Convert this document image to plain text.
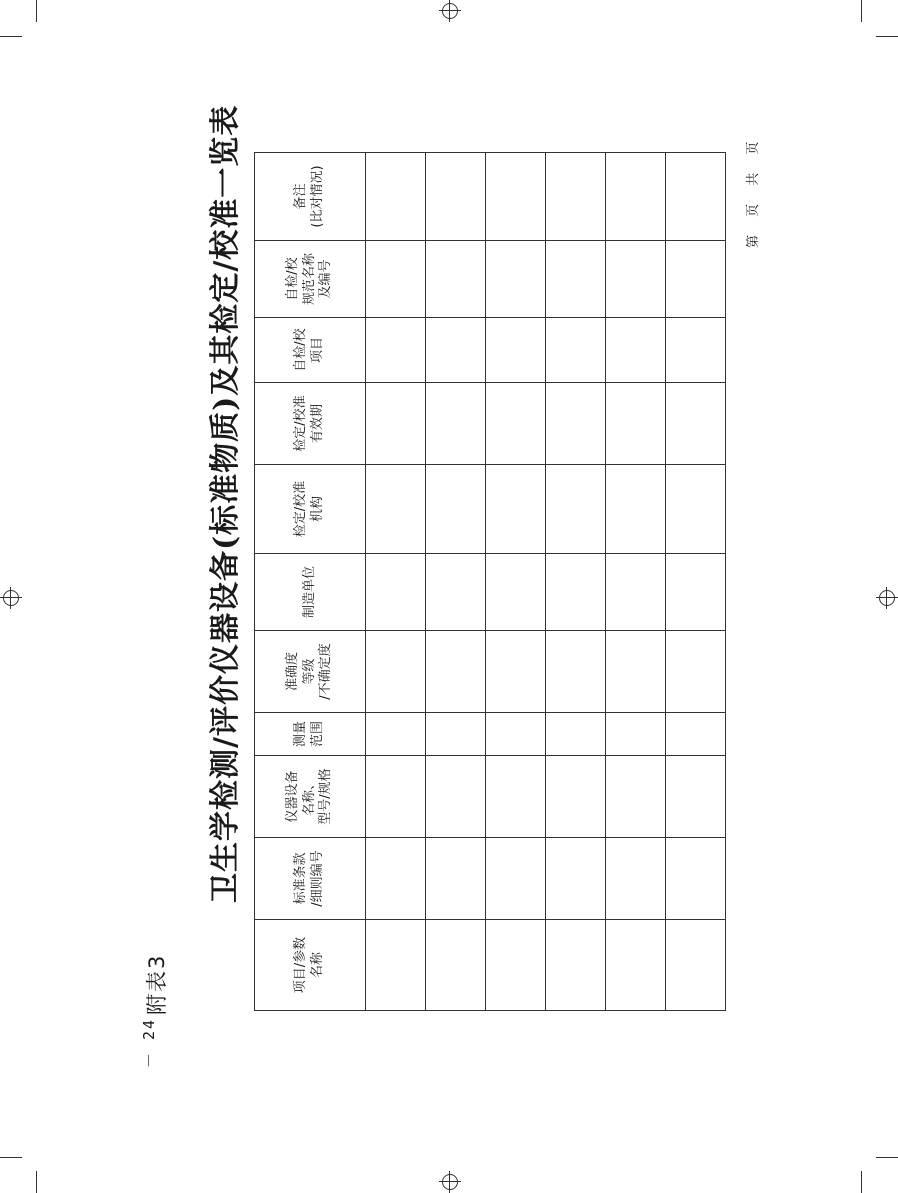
－ 24 －
附表3
卫生学检测/评价仪器设备(标准物质)及其检定/校准一览表
项目/参数
名称	标准条款
/细则编号	仪器设备
名称、
型号/规格	测量
范围	准确度
等级
/不确定度	制造单位	检定/校准
机构	检定/校准
有效期	自检/校
项目	自检/校
规范名称
及编号	备注
(比对情况)

											第 页 共 页
